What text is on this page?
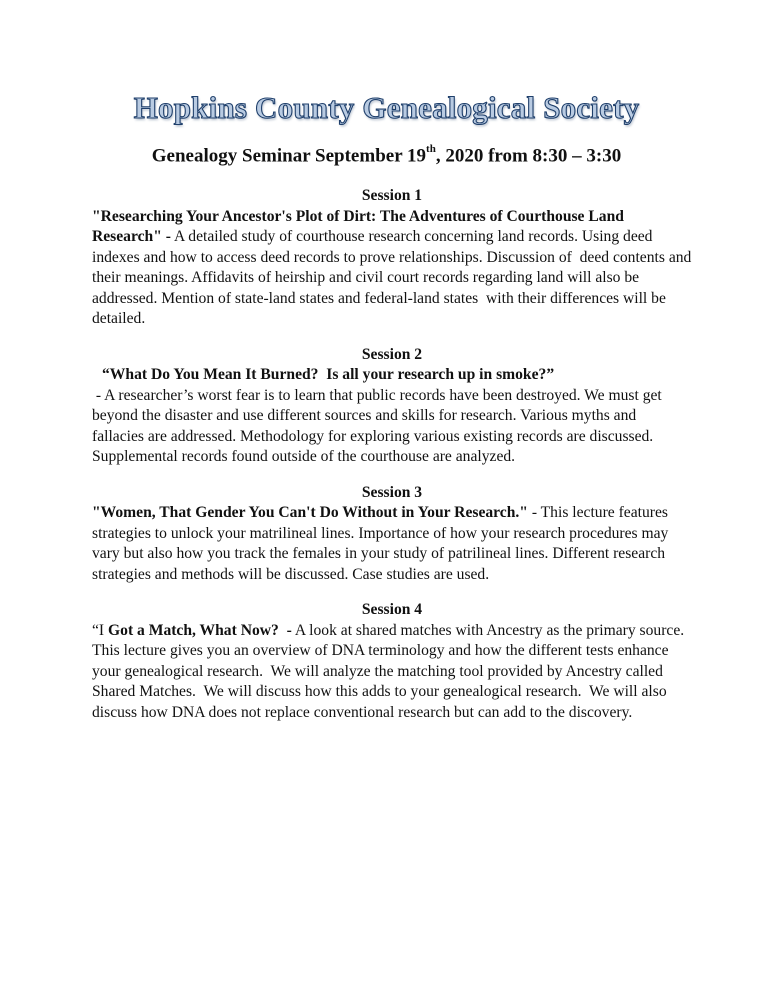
Hopkins County Genealogical Society

Genealogy Seminar September 19th, 2020 from 8:30 – 3:30

Session 1

"Researching Your Ancestor's Plot of Dirt: The Adventures of Courthouse Land Research" - A detailed study of courthouse research concerning land records. Using deed indexes and how to access deed records to prove relationships. Discussion of  deed contents and their meanings. Affidavits of heirship and civil court records regarding land will also be addressed. Mention of state-land states and federal-land states  with their differences will be detailed.

Session 2

“What Do You Mean It Burned?  Is all your research up in smoke?”
- A researcher’s worst fear is to learn that public records have been destroyed. We must get beyond the disaster and use different sources and skills for research. Various myths and fallacies are addressed. Methodology for exploring various existing records are discussed. Supplemental records found outside of the courthouse are analyzed.

Session 3

"Women, That Gender You Can't Do Without in Your Research." - This lecture features strategies to unlock your matrilineal lines. Importance of how your research procedures may vary but also how you track the females in your study of patrilineal lines. Different research strategies and methods will be discussed. Case studies are used.

Session 4

“I Got a Match, What Now?  - A look at shared matches with Ancestry as the primary source.  This lecture gives you an overview of DNA terminology and how the different tests enhance your genealogical research.  We will analyze the matching tool provided by Ancestry called Shared Matches.  We will discuss how this adds to your genealogical research.  We will also discuss how DNA does not replace conventional research but can add to the discovery.
